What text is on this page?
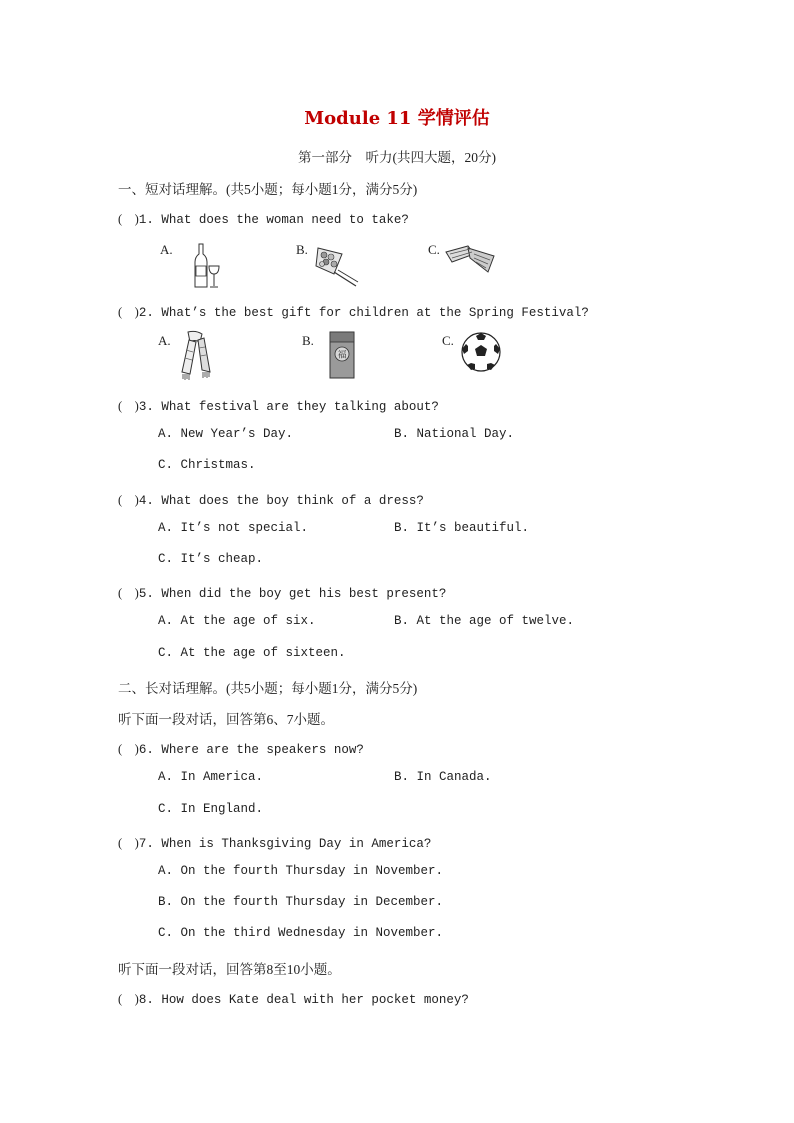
Module 11 学情评估
第一部分　听力(共四大题，20分)
一、短对话理解。(共5小题；每小题1分，满分5分)
(　)1. What does the woman need to take?
A.	B.	C.
(　)2. What’s the best gift for children at the Spring Festival?
A.	B.	C.
福
(　)3. What festival are they talking about?
A. New Year’s Day.	B. National Day.
C. Christmas.
(　)4. What does the boy think of a dress?
A. It’s not special.	B. It’s beautiful.
C. It’s cheap.
(　)5. When did the boy get his best present?
A. At the age of six.	B. At the age of twelve.
C. At the age of sixteen.
二、长对话理解。(共5小题；每小题1分，满分5分)
听下面一段对话，回答第6、7小题。
(　)6. Where are the speakers now?
A. In America.	B. In Canada.
C. In England.
(　)7. When is Thanksgiving Day in America?
A. On the fourth Thursday in November.
B. On the fourth Thursday in December.
C. On the third Wednesday in November.
听下面一段对话，回答第8至10小题。
(　)8. How does Kate deal with her pocket money?
